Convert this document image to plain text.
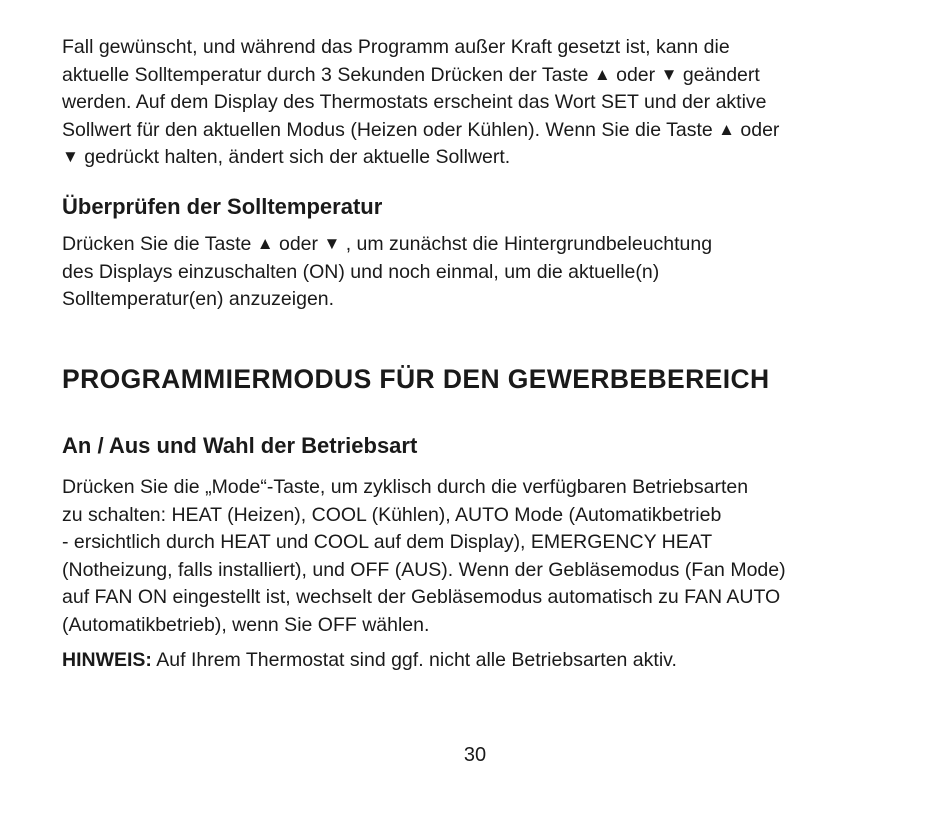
Fall gewünscht, und während das Programm außer Kraft gesetzt ist, kann die
aktuelle Solltemperatur durch 3 Sekunden Drücken der Taste ▲ oder ▼ geändert
werden. Auf dem Display des Thermostats erscheint das Wort SET und der aktive
Sollwert für den aktuellen Modus (Heizen oder Kühlen). Wenn Sie die Taste ▲ oder
▼ gedrückt halten, ändert sich der aktuelle Sollwert.

Überprüfen der Solltemperatur

Drücken Sie die Taste ▲ oder ▼ , um zunächst die Hintergrundbeleuchtung
des Displays einzuschalten (ON) und noch einmal, um die aktuelle(n)
Solltemperatur(en) anzuzeigen.

PROGRAMMIERMODUS FÜR DEN GEWERBEBEREICH
An / Aus und Wahl der Betriebsart

Drücken Sie die „Mode“-Taste, um zyklisch durch die verfügbaren Betriebsarten
zu schalten: HEAT (Heizen), COOL (Kühlen), AUTO Mode (Automatikbetrieb
- ersichtlich durch HEAT und COOL auf dem Display), EMERGENCY HEAT
(Notheizung, falls installiert), und OFF (AUS). Wenn der Gebläsemodus (Fan Mode)
auf FAN ON eingestellt ist, wechselt der Gebläsemodus automatisch zu FAN AUTO
(Automatikbetrieb), wenn Sie OFF wählen.

HINWEIS: Auf Ihrem Thermostat sind ggf. nicht alle Betriebsarten aktiv.

30
